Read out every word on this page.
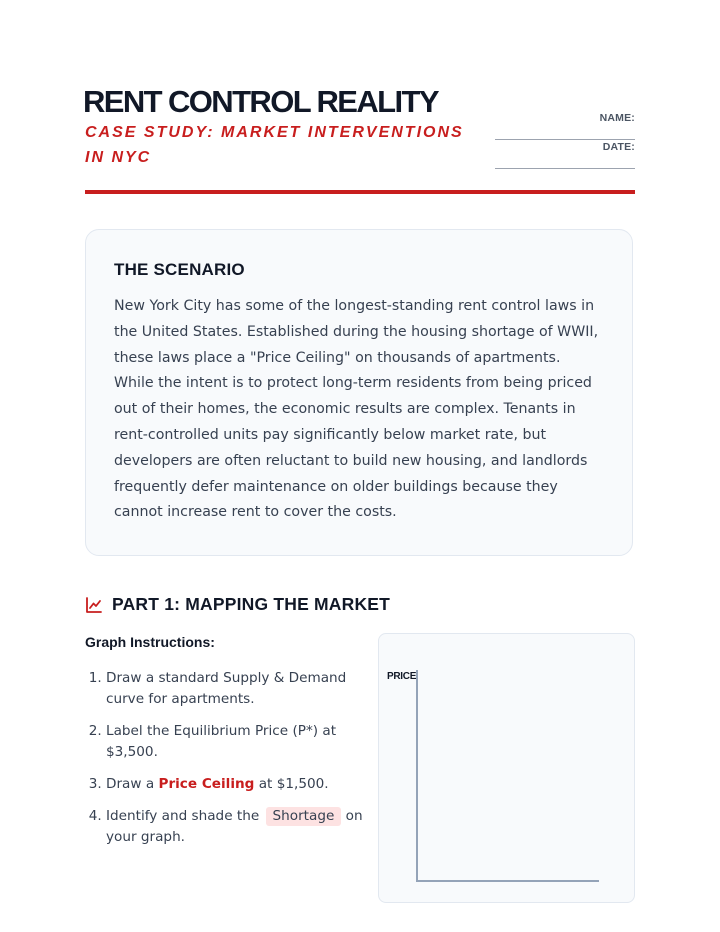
RENT CONTROL REALITY

CASE STUDY: MARKET INTERVENTIONS IN NYC

NAME:
DATE:
THE SCENARIO

New York City has some of the longest-standing rent control laws in the United States. Established during the housing shortage of WWII, these laws place a "Price Ceiling" on thousands of apartments. While the intent is to protect long-term residents from being priced out of their homes, the economic results are complex. Tenants in rent-controlled units pay significantly below market rate, but developers are often reluctant to build new housing, and landlords frequently defer maintenance on older buildings because they cannot increase rent to cover the costs.

PART 1: MAPPING THE MARKET

Graph Instructions:

1. Draw a standard Supply & Demand curve for apartments.
2. Label the Equilibrium Price (P*) at $3,500.
3. Draw a Price Ceiling at $1,500.
4. Identify and shade the Shortage on your graph.
PRICE
